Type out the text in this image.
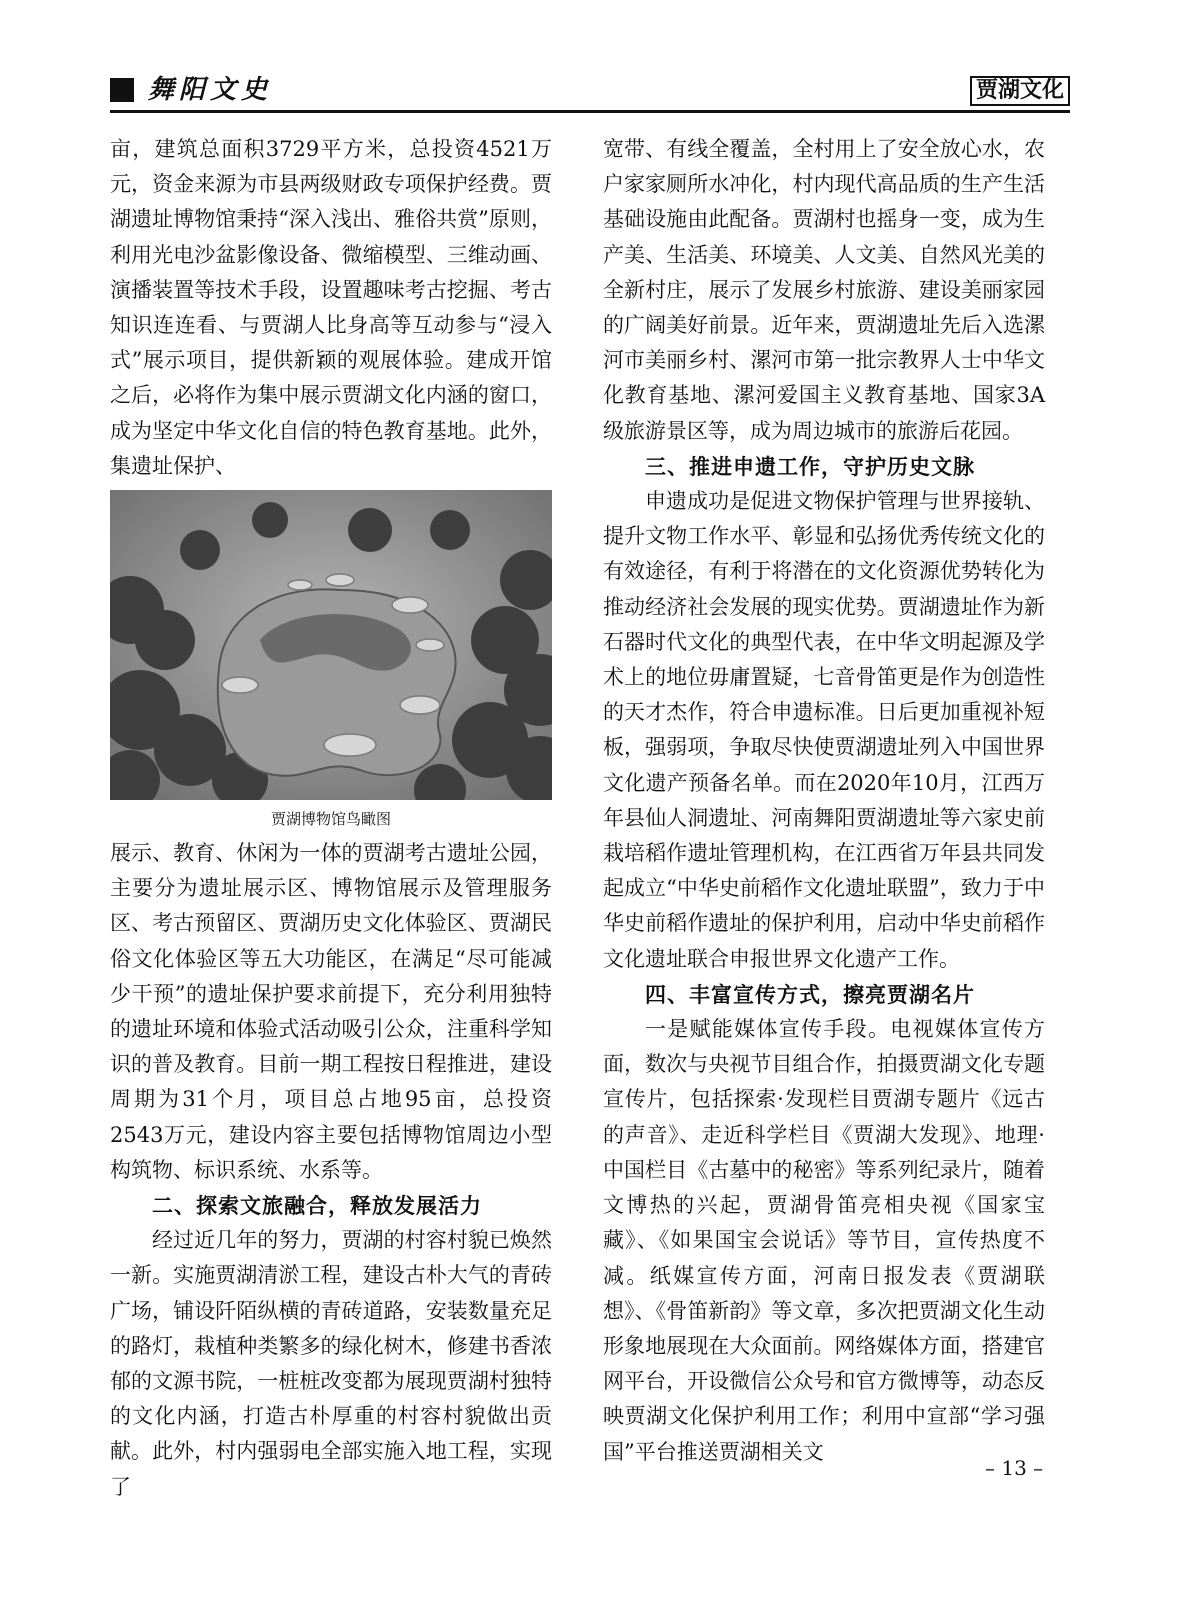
舞阳文史	贾湖文化

亩，建筑总面积3729平方米，总投资4521万元，资金来源为市县两级财政专项保护经费。贾湖遗址博物馆秉持“深入浅出、雅俗共赏”原则，利用光电沙盆影像设备、微缩模型、三维动画、演播装置等技术手段，设置趣味考古挖掘、考古知识连连看、与贾湖人比身高等互动参与“浸入式”展示项目，提供新颖的观展体验。建成开馆之后，必将作为集中展示贾湖文化内涵的窗口，成为坚定中华文化自信的特色教育基地。此外，集遗址保护、

贾湖博物馆鸟瞰图

展示、教育、休闲为一体的贾湖考古遗址公园，主要分为遗址展示区、博物馆展示及管理服务区、考古预留区、贾湖历史文化体验区、贾湖民俗文化体验区等五大功能区，在满足“尽可能减少干预”的遗址保护要求前提下，充分利用独特的遗址环境和体验式活动吸引公众，注重科学知识的普及教育。目前一期工程按日程推进，建设周期为31个月，项目总占地95亩，总投资2543万元，建设内容主要包括博物馆周边小型构筑物、标识系统、水系等。

二、探索文旅融合，释放发展活力

经过近几年的努力，贾湖的村容村貌已焕然一新。实施贾湖清淤工程，建设古朴大气的青砖广场，铺设阡陌纵横的青砖道路，安装数量充足的路灯，栽植种类繁多的绿化树木，修建书香浓郁的文源书院，一桩桩改变都为展现贾湖村独特的文化内涵，打造古朴厚重的村容村貌做出贡献。此外，村内强弱电全部实施入地工程，实现了

宽带、有线全覆盖，全村用上了安全放心水，农户家家厕所水冲化，村内现代高品质的生产生活基础设施由此配备。贾湖村也摇身一变，成为生产美、生活美、环境美、人文美、自然风光美的全新村庄，展示了发展乡村旅游、建设美丽家园的广阔美好前景。近年来，贾湖遗址先后入选漯河市美丽乡村、漯河市第一批宗教界人士中华文化教育基地、漯河爱国主义教育基地、国家3A级旅游景区等，成为周边城市的旅游后花园。

三、推进申遗工作，守护历史文脉

申遗成功是促进文物保护管理与世界接轨、提升文物工作水平、彰显和弘扬优秀传统文化的有效途径，有利于将潜在的文化资源优势转化为推动经济社会发展的现实优势。贾湖遗址作为新石器时代文化的典型代表，在中华文明起源及学术上的地位毋庸置疑，七音骨笛更是作为创造性的天才杰作，符合申遗标准。日后更加重视补短板，强弱项，争取尽快使贾湖遗址列入中国世界文化遗产预备名单。而在2020年10月，江西万年县仙人洞遗址、河南舞阳贾湖遗址等六家史前栽培稻作遗址管理机构，在江西省万年县共同发起成立“中华史前稻作文化遗址联盟”，致力于中华史前稻作遗址的保护利用，启动中华史前稻作文化遗址联合申报世界文化遗产工作。

四、丰富宣传方式，擦亮贾湖名片

一是赋能媒体宣传手段。电视媒体宣传方面，数次与央视节目组合作，拍摄贾湖文化专题宣传片，包括探索·发现栏目贾湖专题片《远古的声音》、走近科学栏目《贾湖大发现》、地理·中国栏目《古墓中的秘密》等系列纪录片，随着文博热的兴起，贾湖骨笛亮相央视《国家宝藏》、《如果国宝会说话》等节目，宣传热度不减。纸媒宣传方面，河南日报发表《贾湖联想》、《骨笛新韵》等文章，多次把贾湖文化生动形象地展现在大众面前。网络媒体方面，搭建官网平台，开设微信公众号和官方微博等，动态反映贾湖文化保护利用工作；利用中宣部“学习强国”平台推送贾湖相关文

– 13 –
